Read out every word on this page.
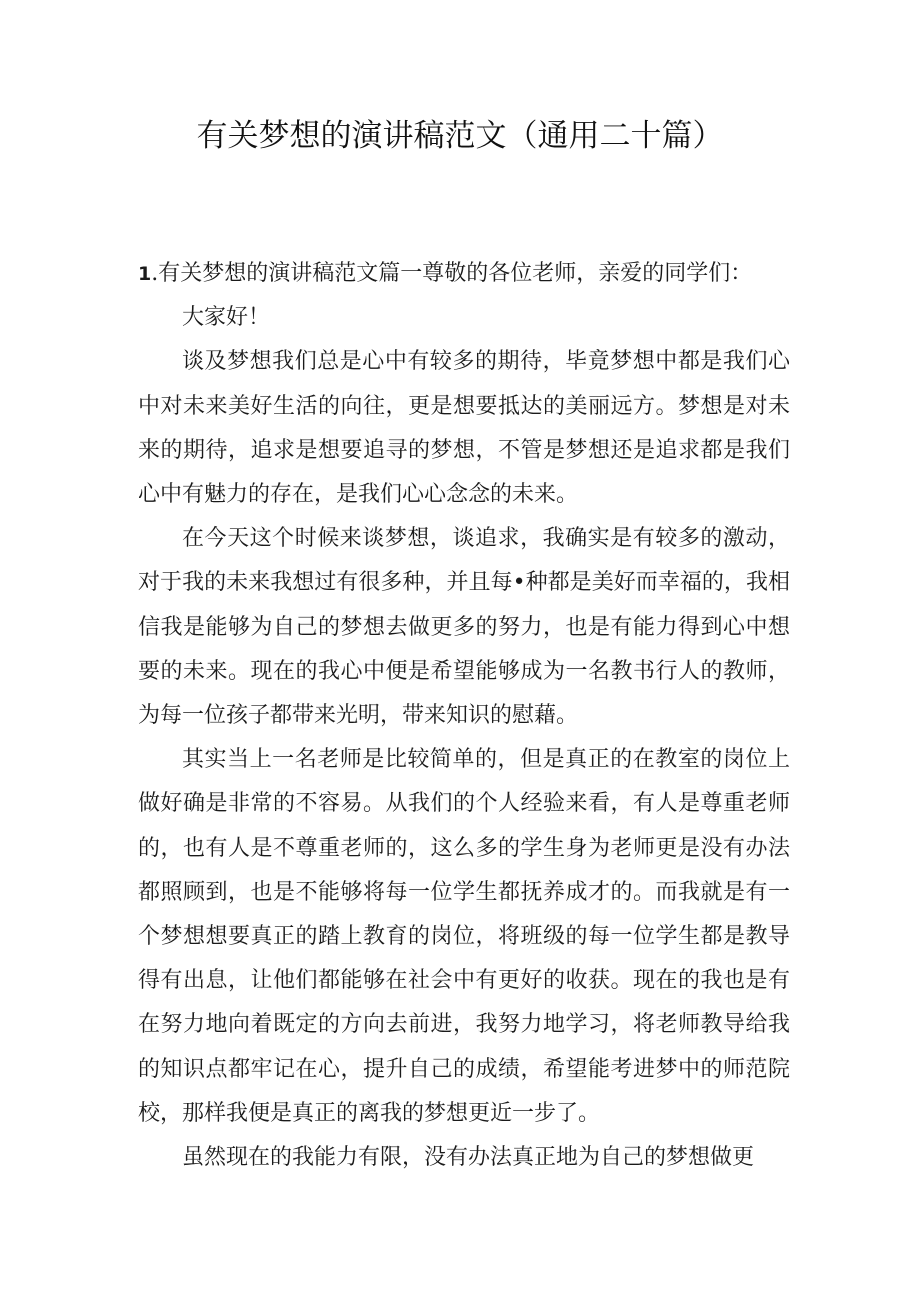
有关梦想的演讲稿范文（通用二十篇）

1.有关梦想的演讲稿范文篇一尊敬的各位老师，亲爱的同学们：

大家好！

谈及梦想我们总是心中有较多的期待，毕竟梦想中都是我们心中对未来美好生活的向往，更是想要抵达的美丽远方。梦想是对未来的期待，追求是想要追寻的梦想，不管是梦想还是追求都是我们心中有魅力的存在，是我们心心念念的未来。

在今天这个时候来谈梦想，谈追求，我确实是有较多的激动，对于我的未来我想过有很多种，并且每•种都是美好而幸福的，我相信我是能够为自己的梦想去做更多的努力，也是有能力得到心中想要的未来。现在的我心中便是希望能够成为一名教书行人的教师，为每一位孩子都带来光明，带来知识的慰藉。

其实当上一名老师是比较简单的，但是真正的在教室的岗位上做好确是非常的不容易。从我们的个人经验来看，有人是尊重老师的，也有人是不尊重老师的，这么多的学生身为老师更是没有办法都照顾到，也是不能够将每一位学生都抚养成才的。而我就是有一个梦想想要真正的踏上教育的岗位，将班级的每一位学生都是教导得有出息，让他们都能够在社会中有更好的收获。现在的我也是有在努力地向着既定的方向去前进，我努力地学习，将老师教导给我的知识点都牢记在心，提升自己的成绩，希望能考进梦中的师范院校，那样我便是真正的离我的梦想更近一步了。

虽然现在的我能力有限，没有办法真正地为自己的梦想做更
